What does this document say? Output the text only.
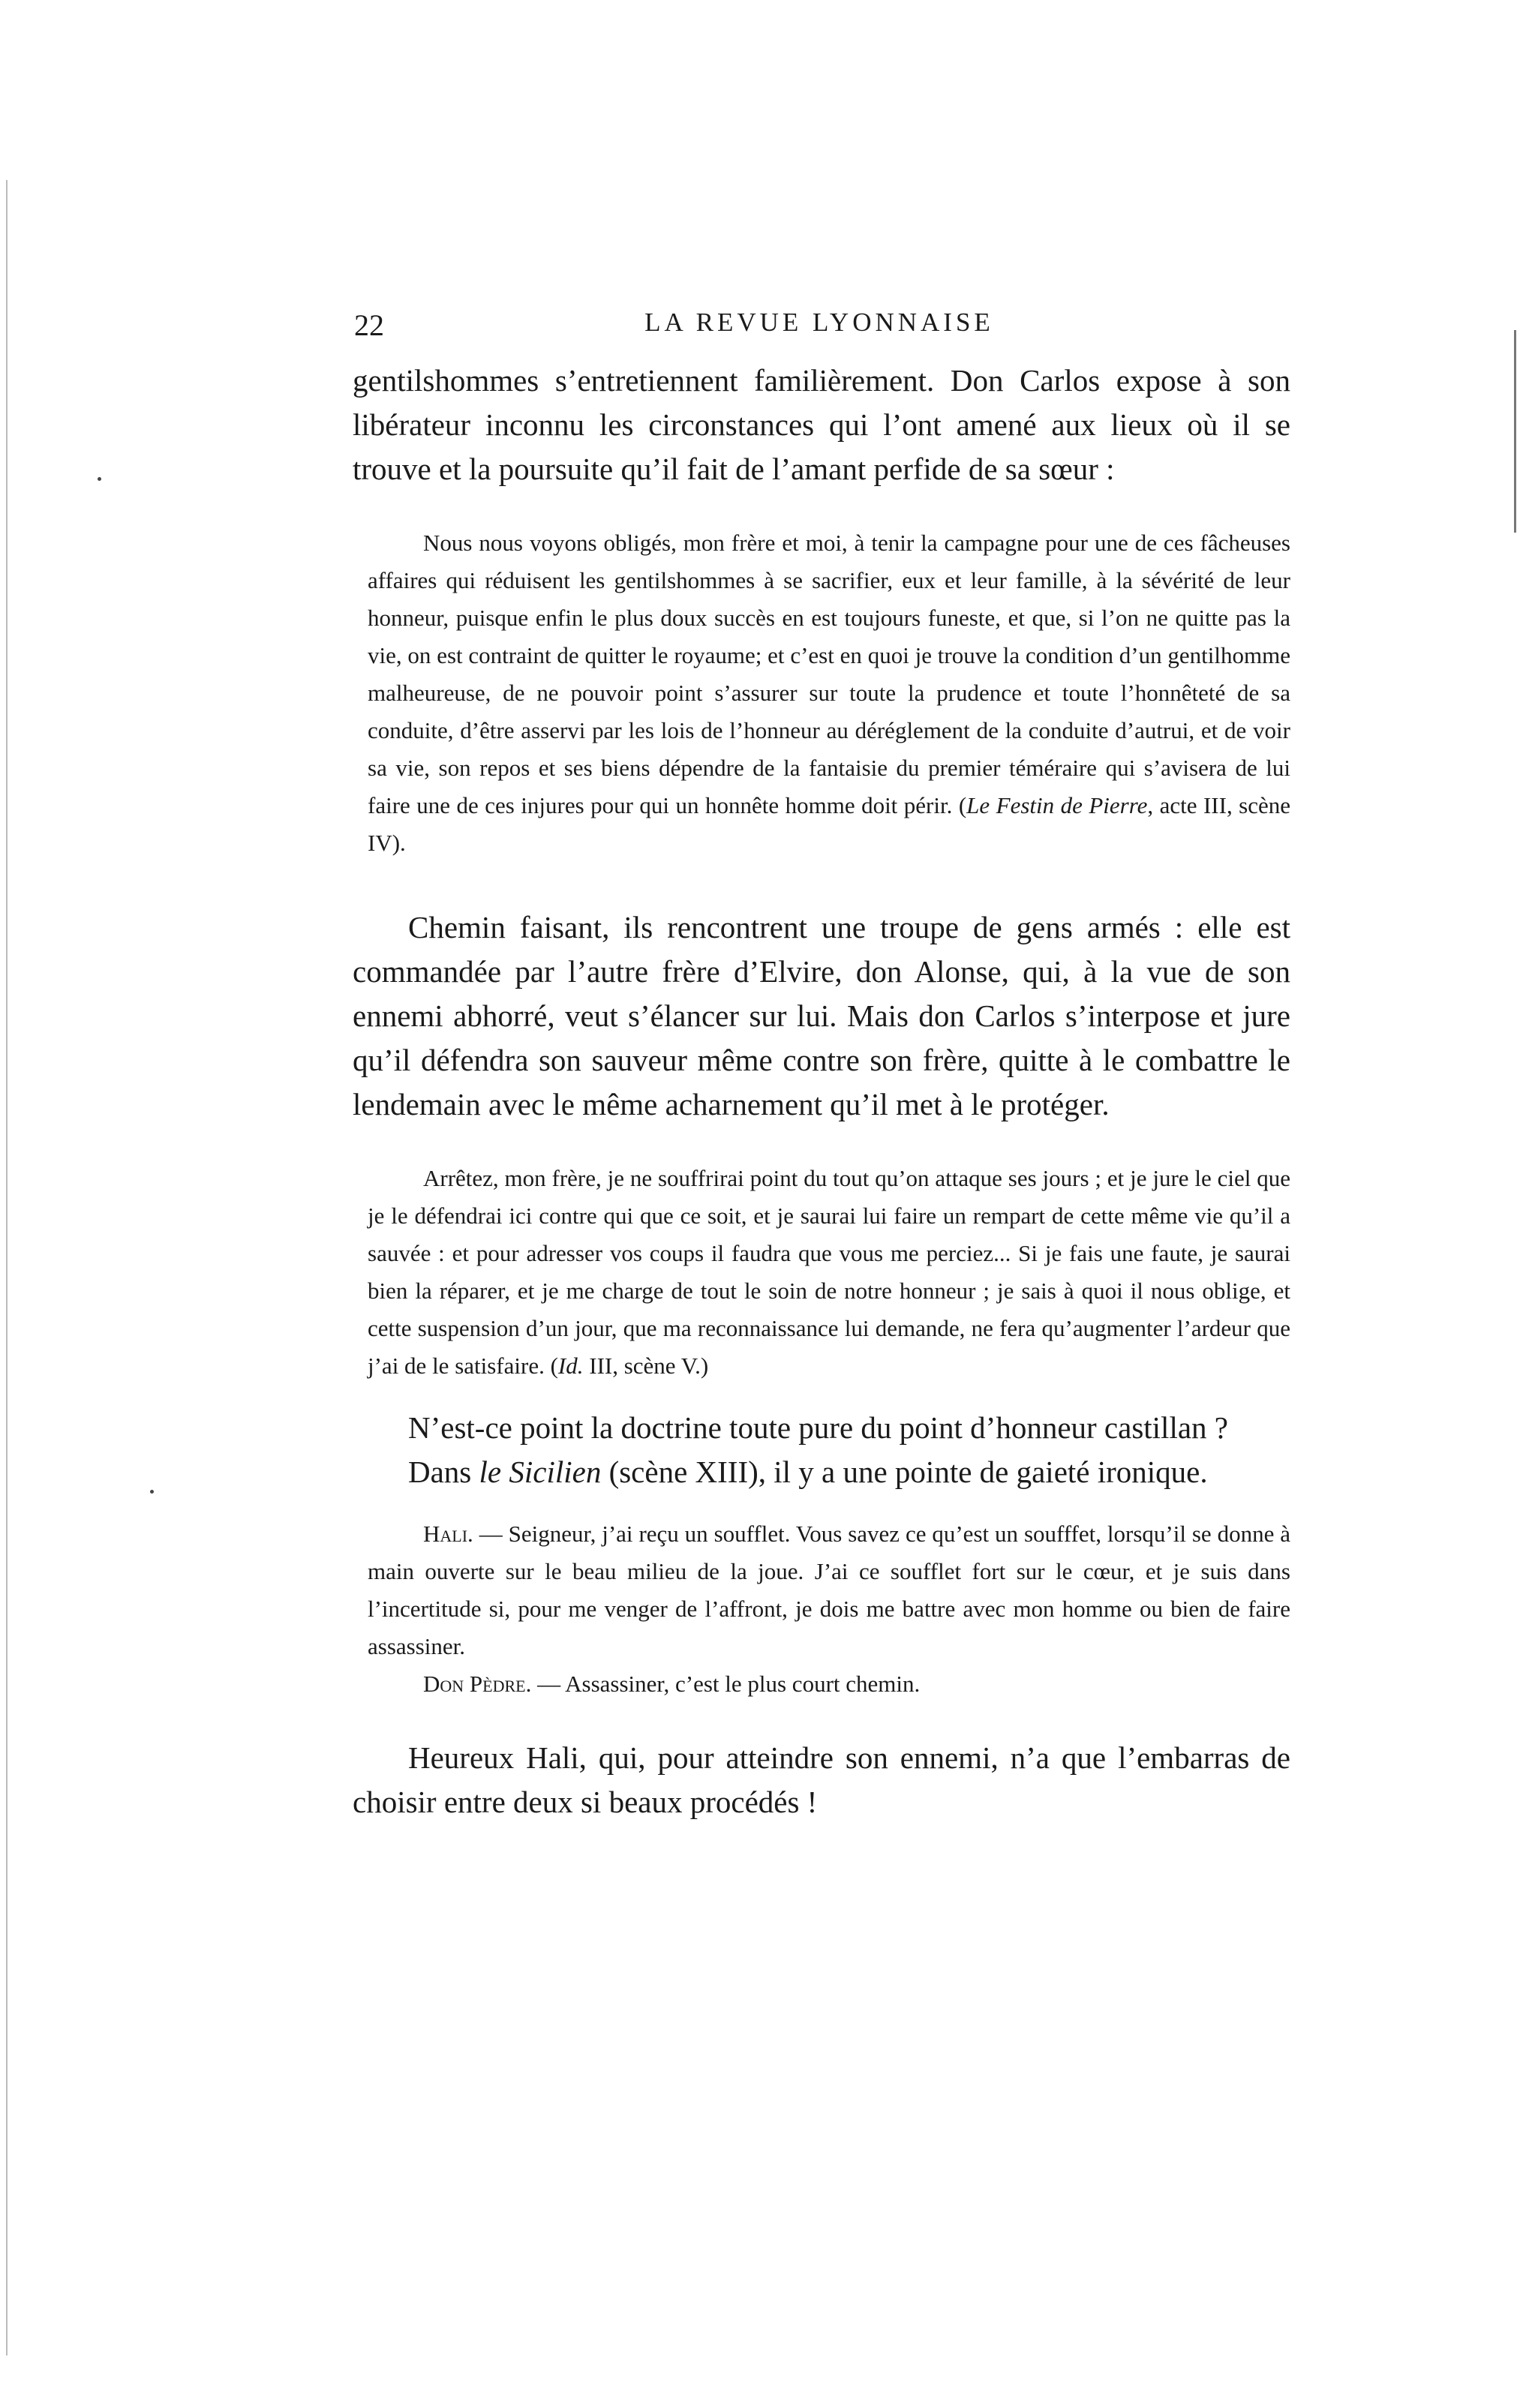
22	LA REVUE LYONNAISE

gentilshommes s’entretiennent familièrement. Don Carlos expose à son libérateur inconnu les circonstances qui l’ont amené aux lieux où il se trouve et la poursuite qu’il fait de l’amant perfide de sa sœur :

Nous nous voyons obligés, mon frère et moi, à tenir la campagne pour une de ces fâcheuses affaires qui réduisent les gentilshommes à se sacrifier, eux et leur famille, à la sévérité de leur honneur, puisque enfin le plus doux succès en est toujours funeste, et que, si l’on ne quitte pas la vie, on est contraint de quitter le royaume; et c’est en quoi je trouve la condition d’un gentilhomme malheureuse, de ne pouvoir point s’assurer sur toute la prudence et toute l’honnêteté de sa conduite, d’être asservi par les lois de l’honneur au déréglement de la conduite d’autrui, et de voir sa vie, son repos et ses biens dépendre de la fantaisie du premier téméraire qui s’avisera de lui faire une de ces injures pour qui un honnête homme doit périr. (Le Festin de Pierre, acte III, scène IV).

Chemin faisant, ils rencontrent une troupe de gens armés : elle est commandée par l’autre frère d’Elvire, don Alonse, qui, à la vue de son ennemi abhorré, veut s’élancer sur lui. Mais don Carlos s’interpose et jure qu’il défendra son sauveur même contre son frère, quitte à le combattre le lendemain avec le même acharnement qu’il met à le protéger.

Arrêtez, mon frère, je ne souffrirai point du tout qu’on attaque ses jours ; et je jure le ciel que je le défendrai ici contre qui que ce soit, et je saurai lui faire un rempart de cette même vie qu’il a sauvée : et pour adresser vos coups il faudra que vous me perciez... Si je fais une faute, je saurai bien la réparer, et je me charge de tout le soin de notre honneur ; je sais à quoi il nous oblige, et cette suspension d’un jour, que ma reconnaissance lui demande, ne fera qu’augmenter l’ardeur que j’ai de le satisfaire. (Id. III, scène V.)

N’est-ce point la doctrine toute pure du point d’honneur castillan ?

Dans le Sicilien (scène XIII), il y a une pointe de gaieté ironique.

Hali. — Seigneur, j’ai reçu un soufflet. Vous savez ce qu’est un soufffet, lorsqu’il se donne à main ouverte sur le beau milieu de la joue. J’ai ce soufflet fort sur le cœur, et je suis dans l’incertitude si, pour me venger de l’affront, je dois me battre avec mon homme ou bien de faire assassiner.

Don Pèdre. — Assassiner, c’est le plus court chemin.

Heureux Hali, qui, pour atteindre son ennemi, n’a que l’embarras de choisir entre deux si beaux procédés !
